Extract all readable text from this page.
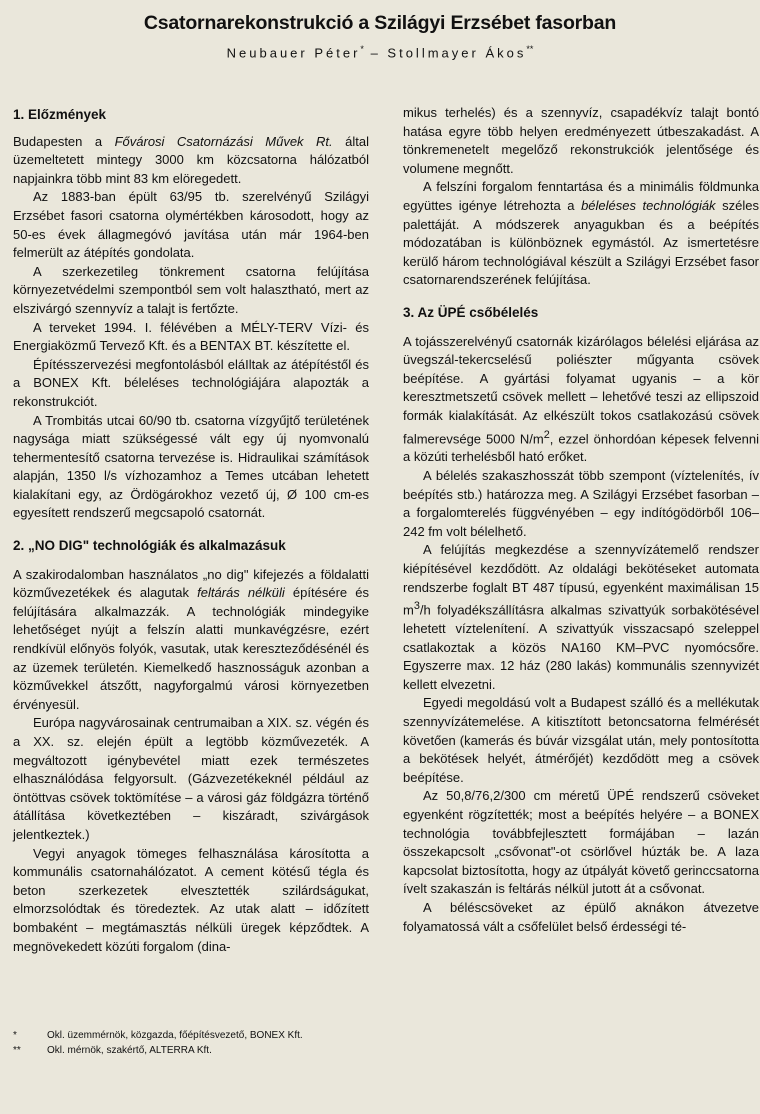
Csatornarekonstrukció a Szilágyi Erzsébet fasorban
Neubauer Péter* – Stollmayer Ákos**
1. Előzmények

Budapesten a Fővárosi Csatornázási Művek Rt. által üzemeltetett mintegy 3000 km közcsatorna hálózatból napjainkra több mint 83 km elöregedett.

Az 1883-ban épült 63/95 tb. szerelvényű Szilágyi Erzsébet fasori csatorna olymértékben károsodott, hogy az 50-es évek állagmegóvó javítása után már 1964-ben felmerült az átépítés gondolata.

A szerkezetileg tönkrement csatorna felújítása környezetvédelmi szempontból sem volt halasztható, mert az elszivárgó szennyvíz a talajt is fertőzte.

A terveket 1994. I. félévében a MÉLY-TERV Vízi- és Energiaközmű Tervező Kft. és a BENTAX BT. készítette el.

Építésszervezési megfontolásból eláIltak az átépítéstől és a BONEX Kft. béleléses technológiájára alapozták a rekonstrukciót.

A Trombitás utcai 60/90 tb. csatorna vízgyűjtő területének nagysága miatt szükségessé vált egy új nyomvonalú tehermentesítő csatorna tervezése is. Hidraulikai számítások alapján, 1350 l/s vízhozamhoz a Temes utcában lehetett kialakítani egy, az Ördögárokhoz vezető új, Ø 100 cm-es egyesített rendszerű megcsapoló csatornát.

2. „NO DIG" technológiák és alkalmazásuk

A szakirodalomban használatos „no dig" kifejezés a földalatti közművezetékek és alagutak feltárás nélküli építésére és felújítására alkalmazzák. A technológiák mindegyike lehetőséget nyújt a felszín alatti munkavégzésre, ezért rendkívül előnyös folyók, vasutak, utak kereszteződésénél és az üzemek területén. Kiemelkedő hasznosságuk azonban a közművekkel átszőtt, nagyforgalmú városi környezetben érvényesül.

Európa nagyvárosainak centrumaiban a XIX. sz. végén és a XX. sz. elején épült a legtöbb közművezeték. A megváltozott igénybevétel miatt ezek természetes elhasználódása felgyorsult. (Gázvezetékeknél például az öntöttvas csövek toktömítése – a városi gáz földgázra történő átállítása következtében – kiszáradt, szivárgások jelentkeztek.)

Vegyi anyagok tömeges felhasználása károsította a kommunális csatornahálózatot. A cement kötésű tégla és beton szerkezetek elvesztették szilárdságukat, elmorzsolódtak és töredeztek. Az utak alatt – időzített bombaként – megtámasztás nélküli üregek képződtek. A megnövekedett közúti forgalom (dina-

mikus terhelés) és a szennyvíz, csapadékvíz talajt bontó hatása egyre több helyen eredményezett útbeszakadást. A tönkremenetelt megelőző rekonstrukciók jelentősége és volumene megnőtt.

A felszíni forgalom fenntartása és a minimális földmunka együttes igénye létrehozta a béleléses technológiák széles palettáját. A módszerek anyagukban és a beépítés módozatában is különböznek egymástól. Az ismertetésre kerülő három technológiával készült a Szilágyi Erzsébet fasor csatornarendszerének felújítása.

3. Az ÜPÉ csőbélelés

A tojásszerelvényű csatornák kizárólagos bélelési eljárása az üvegszál-tekercselésű poliészter műgyanta csövek beépítése. A gyártási folyamat ugyanis – a kör keresztmetszetű csövek mellett – lehetővé teszi az ellipszoid formák kialakítását. Az elkészült tokos csatlakozású csövek falmerevsége 5000 $N/m^2$, ezzel önhordóan képesek felvenni a közúti terhelésből ható erőket.

A bélelés szakaszhosszát több szempont (víztelenítés, ív beépítés stb.) határozza meg. A Szilágyi Erzsébet fasorban – a forgalomterelés függvényében – egy indítógödörből 106–242 fm volt bélelhető.

A felújítás megkezdése a szennyvízátemelő rendszer kiépítésével kezdődött. Az oldalági bekötéseket automata rendszerbe foglalt BT 487 típusú, egyenként maximálisan 15 $m^3/h$ folyadékszállításra alkalmas szivattyúk sorbakötésével lehetett víztelenítení. A szivattyúk visszacsapó szeleppel csatlakoztak a közös NA160 KM–PVC nyomócsőre. Egyszerre max. 12 ház (280 lakás) kommunális szennyvizét kellett elvezetni.

Egyedi megoldású volt a Budapest szálló és a mellékutak szennyvízátemelése. A kitisztított betoncsatorna felmérését követően (kamerás és búvár vizsgálat után, mely pontosította a bekötések helyét, átmérőjét) kezdődött meg a csövek beépítése.

Az 50,8/76,2/300 cm méretű ÜPÉ rendszerű csöveket egyenként rögzítették; most a beépítés helyére – a BONEX technológia továbbfejlesztett formájában – lazán összekapcsolt „csővonat"-ot csörlővel húzták be. A laza kapcsolat biztosította, hogy az útpályát követő gerinccsatorna ívelt szakaszán is feltárás nélkül jutott át a csővonat.

A béléscsöveket az épülő aknákon átvezetve folyamatossá vált a csőfelület belső érdességi té-

*	Okl. üzemmérnök, közgazda, főépítésvezető, BONEX Kft.
**	Okl. mérnök, szakértő, ALTERRA Kft.
